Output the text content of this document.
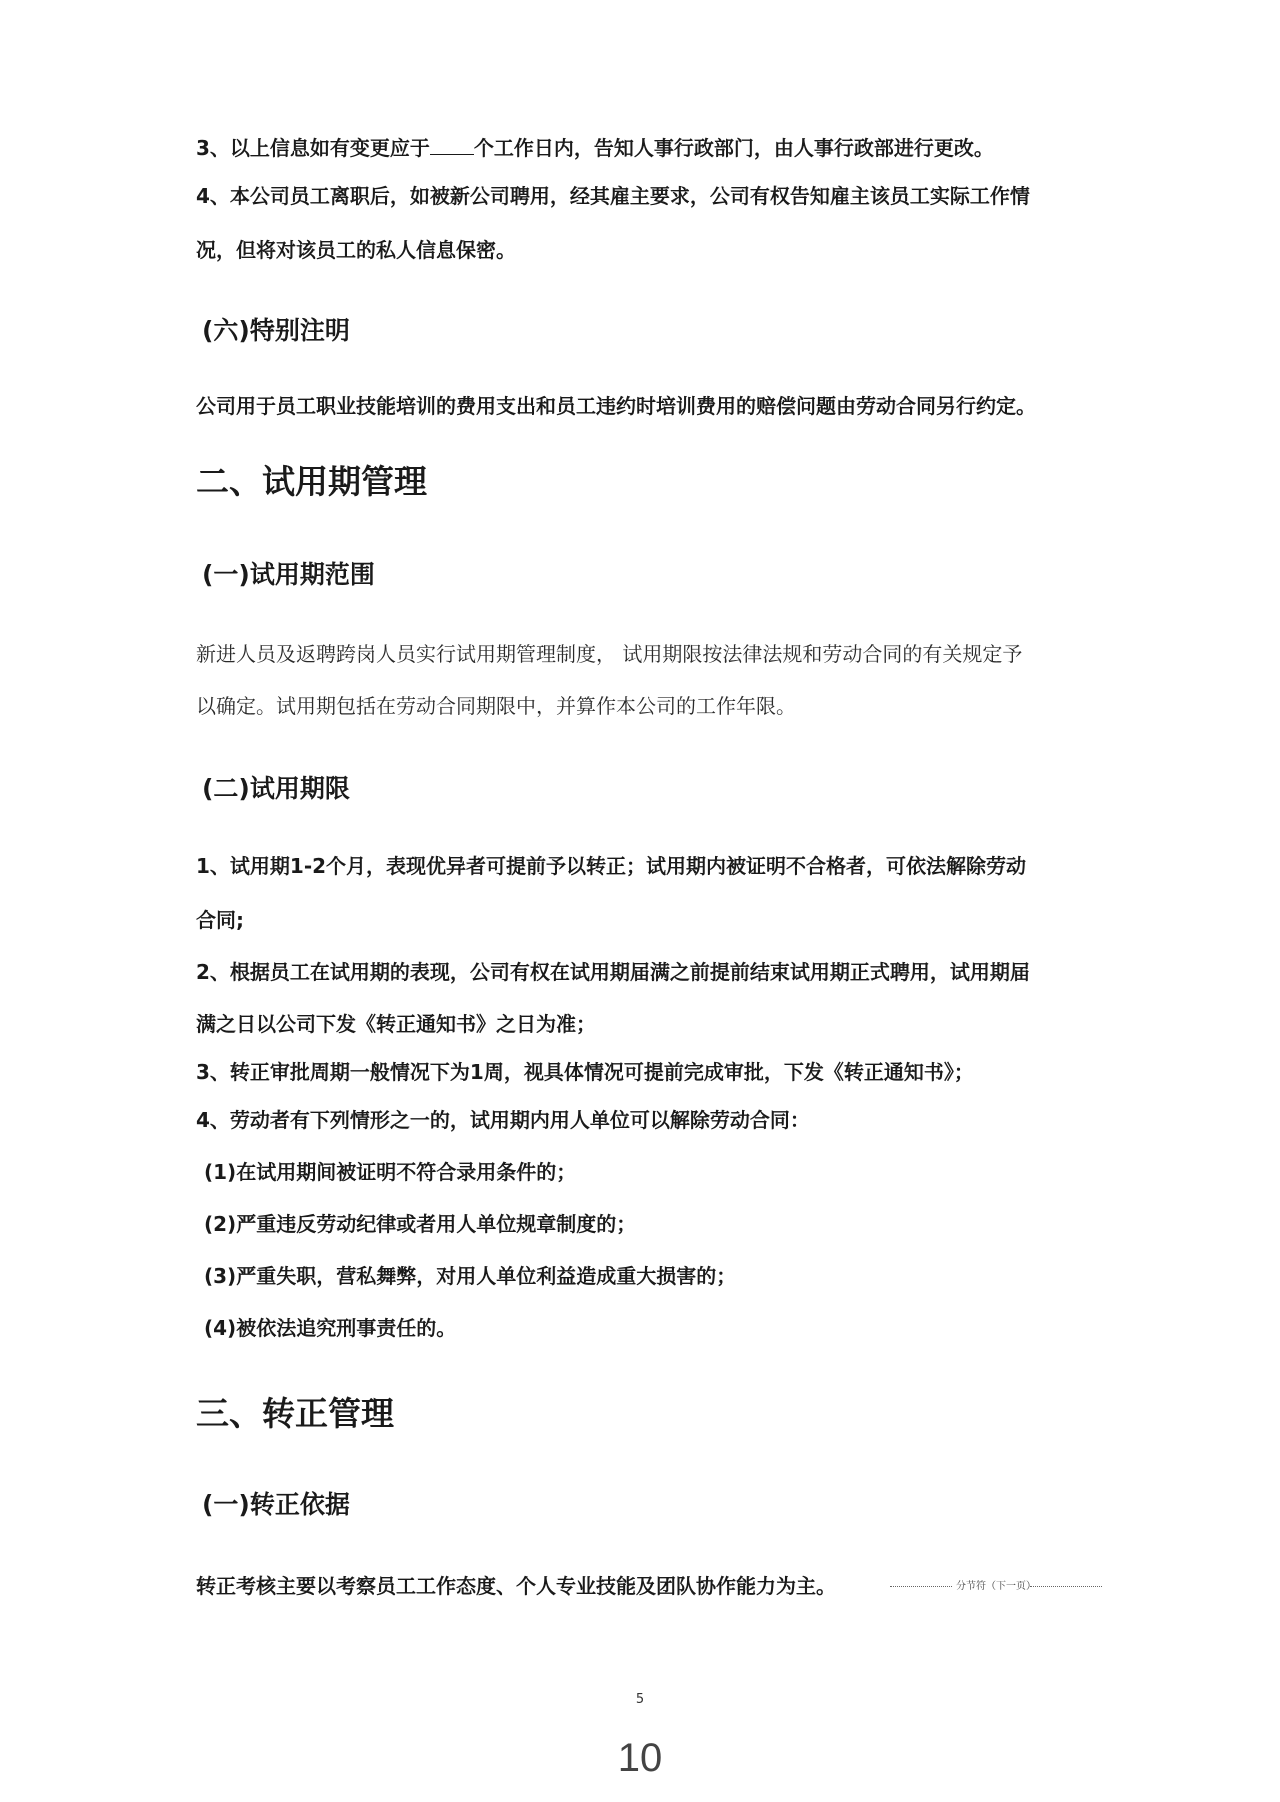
3、以上信息如有变更应于 个工作日内，告知人事行政部门，由人事行政部进行更改。
4、本公司员工离职后，如被新公司聘用，经其雇主要求，公司有权告知雇主该员工实际工作情
况，但将对该员工的私人信息保密。
(六)特别注明
公司用于员工职业技能培训的费用支出和员工违约时培训费用的赔偿问题由劳动合同另行约定。
二、试用期管理
(一)试用期范围
新进人员及返聘跨岗人员实行试用期管理制度， 试用期限按法律法规和劳动合同的有关规定予
以确定。试用期包括在劳动合同期限中，并算作本公司的工作年限。
(二)试用期限
1、试用期1-2个月，表现优异者可提前予以转正；试用期内被证明不合格者，可依法解除劳动
合同;
2、根据员工在试用期的表现，公司有权在试用期届满之前提前结束试用期正式聘用，试用期届
满之日以公司下发《转正通知书》之日为准；
3、转正审批周期一般情况下为1周，视具体情况可提前完成审批，下发《转正通知书》；
4、劳动者有下列情形之一的，试用期内用人单位可以解除劳动合同：
(1)在试用期间被证明不符合录用条件的；
(2)严重违反劳动纪律或者用人单位规章制度的；
(3)严重失职，营私舞弊，对用人单位利益造成重大损害的；
(4)被依法追究刑事责任的。
三、转正管理
(一)转正依据
转正考核主要以考察员工工作态度、个人专业技能及团队协作能力为主。	分节符（下一页）
5
10
